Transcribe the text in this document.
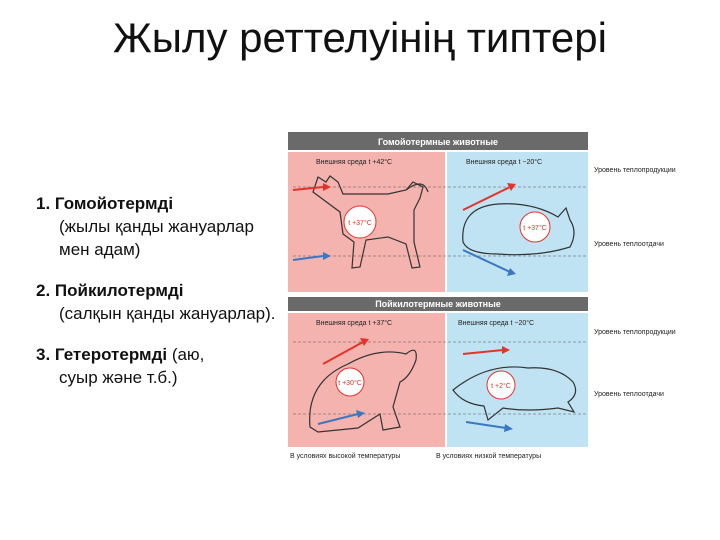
Жылу реттелуінің типтері
1. Гомойотермді
(жылы қанды жануарлар мен адам)
2. Пойкилотермді
(салқын қанды жануарлар).
3. Гетеротермді (аю,
суыр және т.б.)
Гомойотермные животные
Внешняя среда t +42°С	Внешняя среда t −20°С
t +37°C
t +37°C
Уровень теплопродукции
Уровень теплоотдачи
Пойкилотермные животные
Внешняя среда t +37°С	Внешняя среда t −20°С
t +30°C	t +2°C
Уровень теплопродукции
Уровень теплоотдачи
В условиях высокой температуры	В условиях низкой температуры
